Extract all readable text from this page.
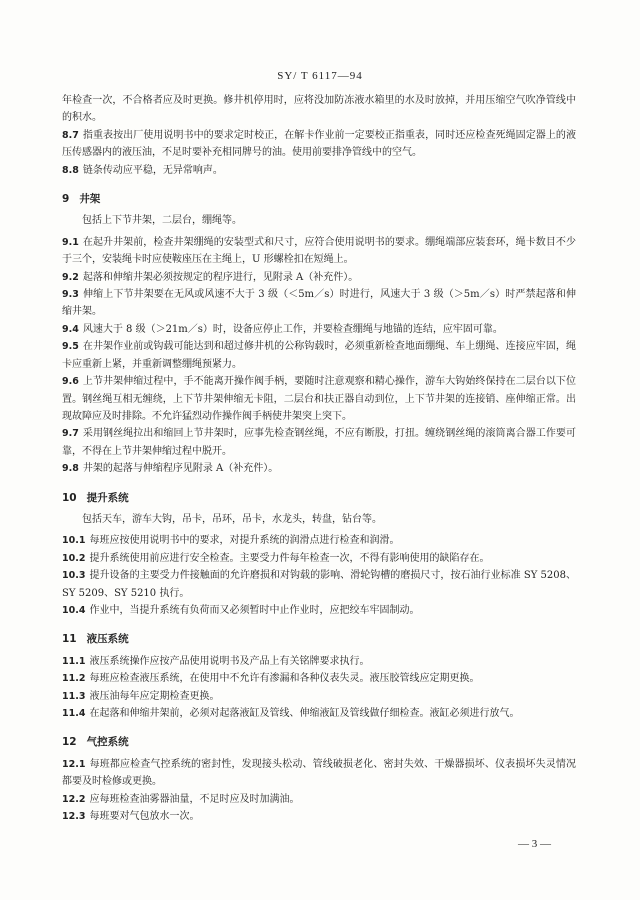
SY/ T 6117—94

年检查一次，不合格者应及时更换。修井机停用时，应将没加防冻液水箱里的水及时放掉，并用压缩空气吹净管线中的积水。

8.7 指重表按出厂使用说明书中的要求定时校正，在解卡作业前一定要校正指重表，同时还应检查死绳固定器上的液压传感器内的液压油，不足时要补充相同牌号的油。使用前要排净管线中的空气。

8.8 链条传动应平稳，无异常响声。

9 井架

包括上下节井架，二层台，绷绳等。

9.1 在起升井架前，检查井架绷绳的安装型式和尺寸，应符合使用说明书的要求。绷绳端部应装套环，绳卡数目不少于三个，安装绳卡时应使鞍座压在主绳上，U 形螺栓扣在短绳上。

9.2 起落和伸缩井架必须按规定的程序进行，见附录 A（补充件）。

9.3 伸缩上下节井架要在无风或风速不大于 3 级（＜5m／s）时进行，风速大于 3 级（＞5m／s）时严禁起落和伸缩井架。

9.4 风速大于 8 级（＞21m／s）时，设备应停止工作，并要检查绷绳与地锚的连结，应牢固可靠。

9.5 在井架作业前或钩载可能达到和超过修井机的公称钩载时，必须重新检查地面绷绳、车上绷绳、连接应牢固，绳卡应重新上紧，并重新调整绷绳预紧力。

9.6 上节井架伸缩过程中，手不能离开操作阀手柄，要随时注意观察和精心操作，游车大钩始终保持在二层台以下位置。钢丝绳互相无缠绕，上下节井架伸缩无卡阻，二层台和扶正器自动到位，上下节井架的连接销、座伸缩正常。出现故障应及时排除。不允许猛烈动作操作阀手柄使井架突上突下。

9.7 采用钢丝绳拉出和缩回上节井架时，应事先检查钢丝绳，不应有断股，打扭。缠绕钢丝绳的滚筒离合器工作要可靠，不得在上节井架伸缩过程中脱开。

9.8 井架的起落与伸缩程序见附录 A（补充件）。

10 提升系统

包括天车，游车大钩，吊卡，吊环，吊卡，水龙头，转盘，钻台等。

10.1 每班应按使用说明书中的要求，对提升系统的润滑点进行检查和润滑。

10.2 提升系统使用前应进行安全检查。主要受力件每年检查一次，不得有影响使用的缺陷存在。

10.3 提升设备的主要受力件接触面的允许磨损和对钩载的影响、滑轮钩槽的磨损尺寸，按石油行业标准 SY 5208、SY 5209、SY 5210 执行。

10.4 作业中，当提升系统有负荷而又必须暂时中止作业时，应把绞车牢固制动。

11 液压系统

11.1 液压系统操作应按产品使用说明书及产品上有关铭牌要求执行。

11.2 每班应检查液压系统，在使用中不允许有渗漏和各种仪表失灵。液压胶管线应定期更换。

11.3 液压油每年应定期检查更换。

11.4 在起落和伸缩井架前，必须对起落液缸及管线、伸缩液缸及管线做仔细检查。液缸必须进行放气。

12 气控系统

12.1 每班都应检查气控系统的密封性，发现接头松动、管线破损老化、密封失效、干燥器损坏、仪表损坏失灵情况都要及时检修或更换。

12.2 应每班检查油雾器油量，不足时应及时加满油。

12.3 每班要对气包放水一次。

— 3 —
